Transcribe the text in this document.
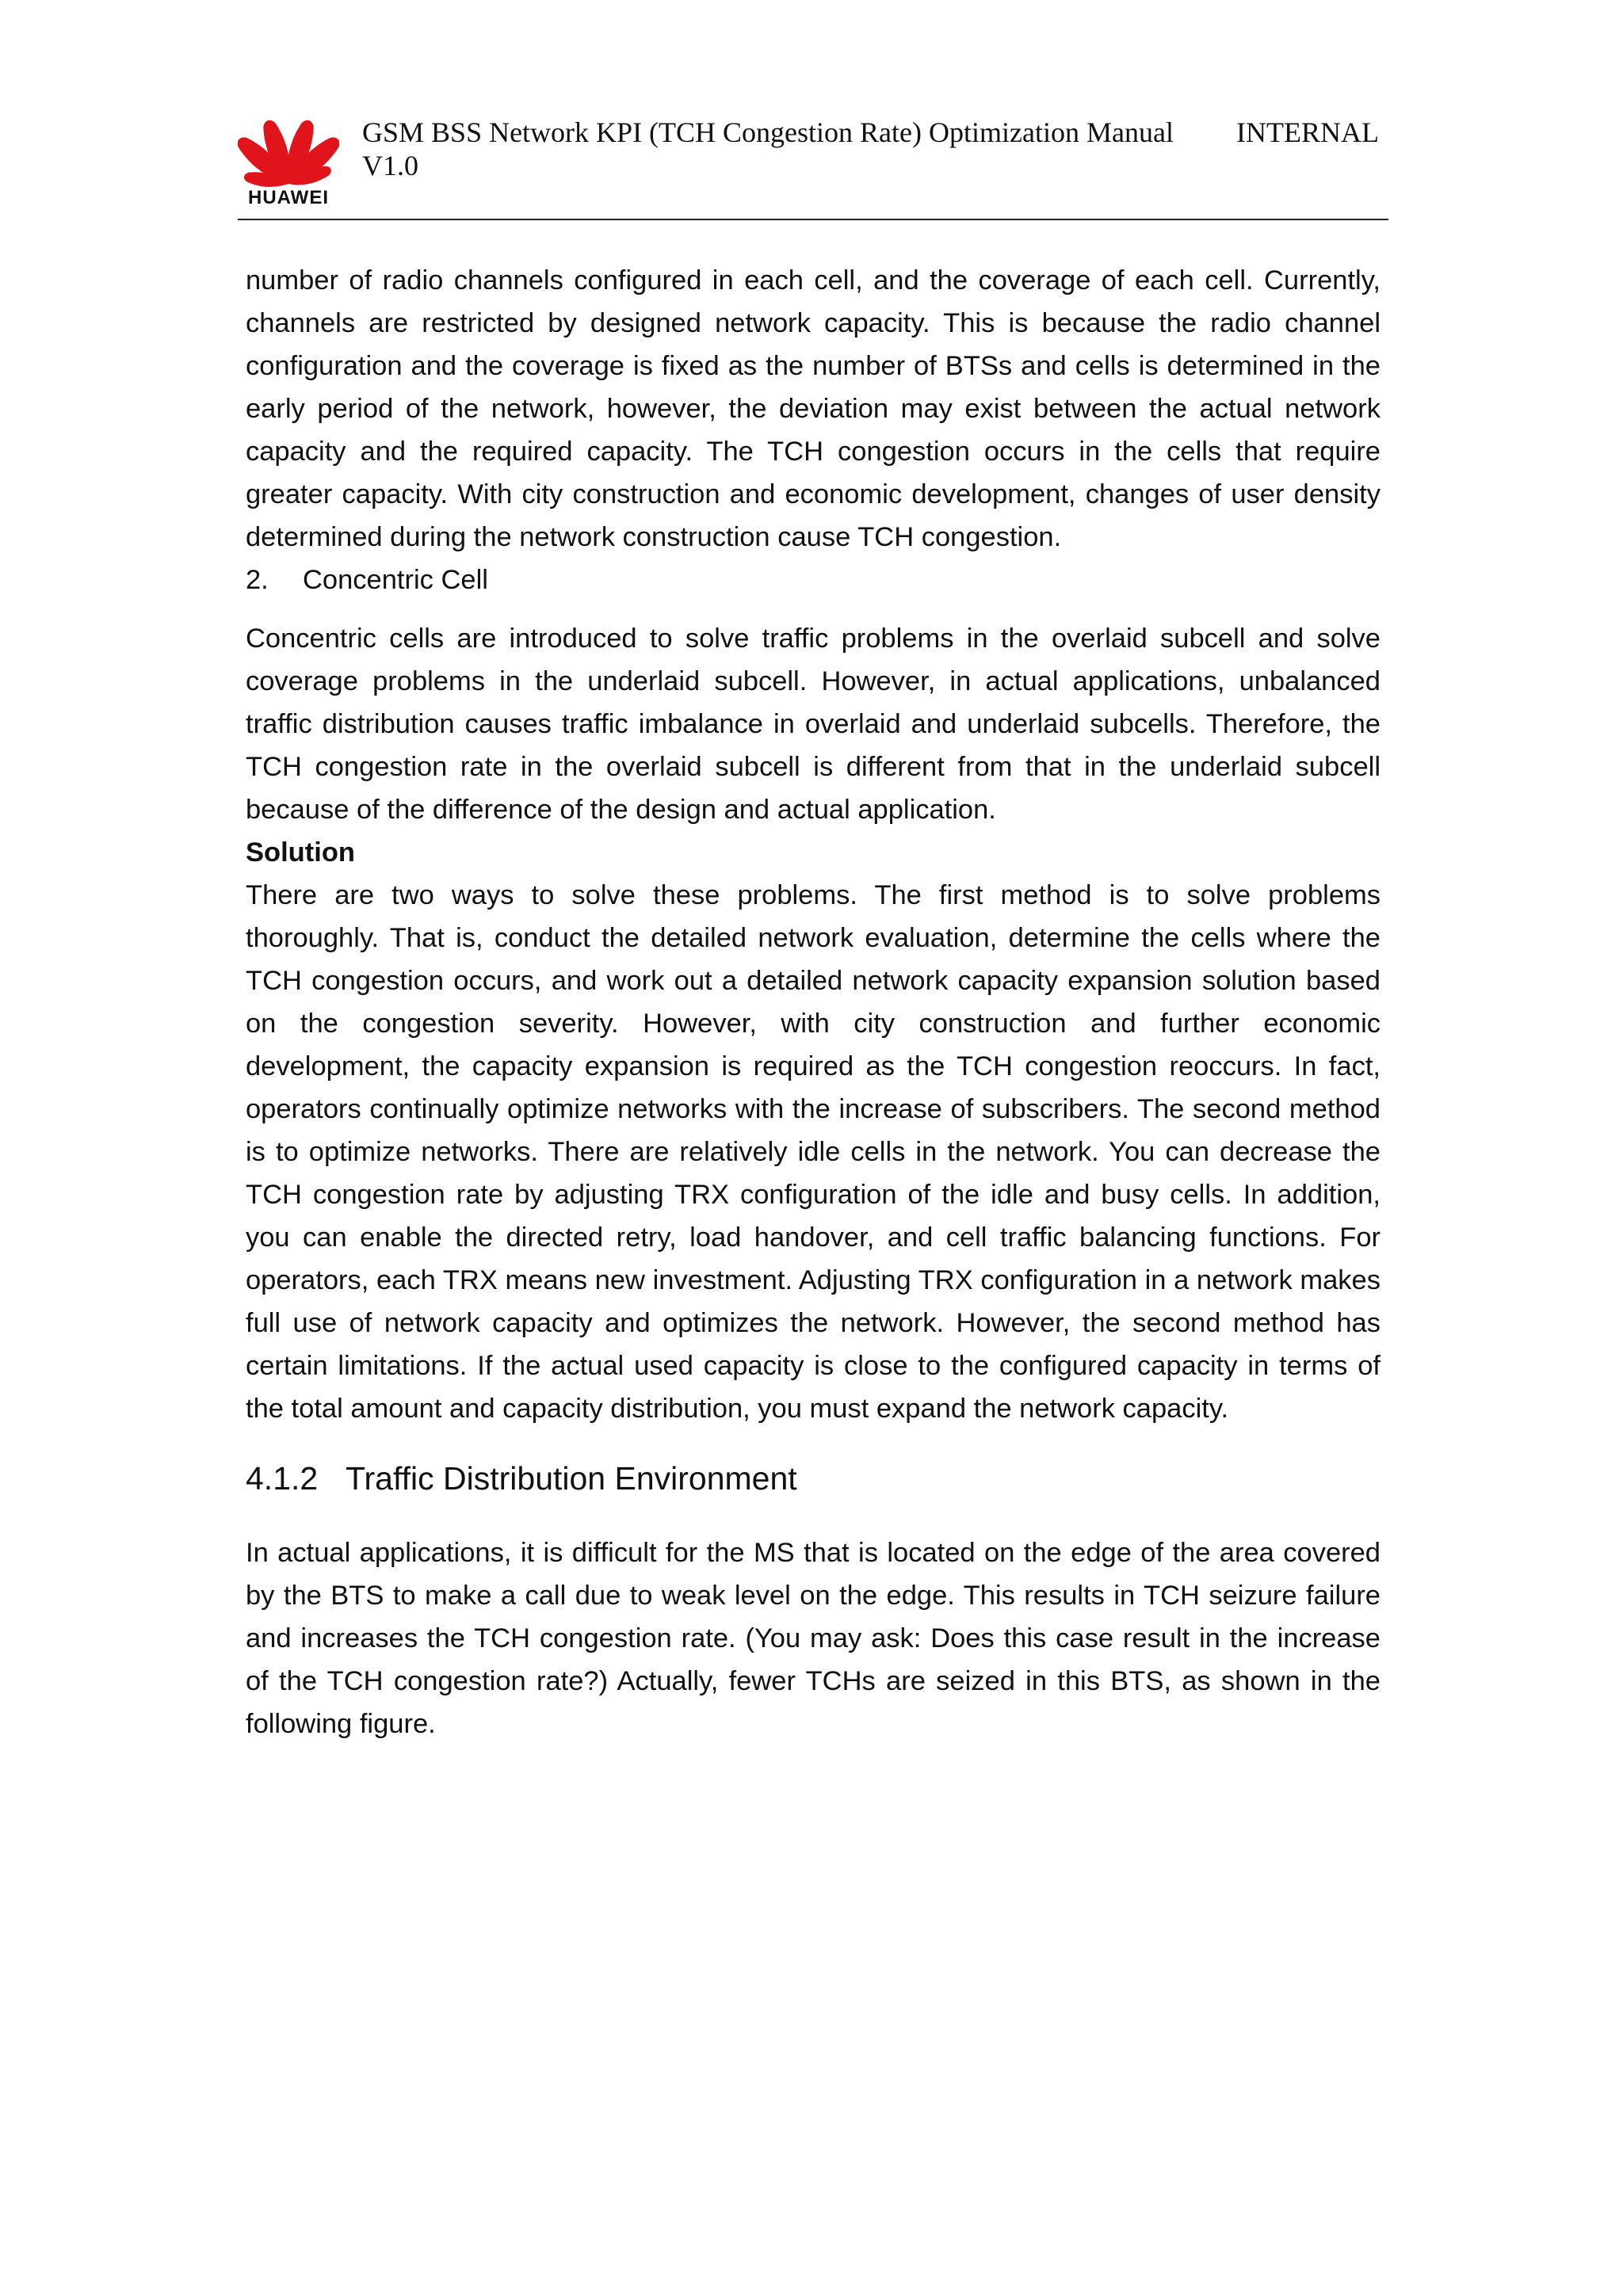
HUAWEI
GSM BSS Network KPI (TCH Congestion Rate) Optimization Manual V1.0
INTERNAL

number of radio channels configured in each cell, and the coverage of each cell. Currently, channels are restricted by designed network capacity. This is because the radio channel configuration and the coverage is fixed as the number of BTSs and cells is determined in the early period of the network, however, the deviation may exist between the actual network capacity and the required capacity. The TCH congestion occurs in the cells that require greater capacity. With city construction and economic development, changes of user density determined during the network construction cause TCH congestion.

2.	Concentric Cell

Concentric cells are introduced to solve traffic problems in the overlaid subcell and solve coverage problems in the underlaid subcell. However, in actual applications, unbalanced traffic distribution causes traffic imbalance in overlaid and underlaid subcells. Therefore, the TCH congestion rate in the overlaid subcell is different from that in the underlaid subcell because of the difference of the design and actual application.

Solution

There are two ways to solve these problems. The first method is to solve problems thoroughly. That is, conduct the detailed network evaluation, determine the cells where the TCH congestion occurs, and work out a detailed network capacity expansion solution based on the congestion severity. However, with city construction and further economic development, the capacity expansion is required as the TCH congestion reoccurs. In fact, operators continually optimize networks with the increase of subscribers. The second method is to optimize networks. There are relatively idle cells in the network. You can decrease the TCH congestion rate by adjusting TRX configuration of the idle and busy cells. In addition, you can enable the directed retry, load handover, and cell traffic balancing functions. For operators, each TRX means new investment. Adjusting TRX configuration in a network makes full use of network capacity and optimizes the network. However, the second method has certain limitations. If the actual used capacity is close to the configured capacity in terms of the total amount and capacity distribution, you must expand the network capacity.

4.1.2 Traffic Distribution Environment

In actual applications, it is difficult for the MS that is located on the edge of the area covered by the BTS to make a call due to weak level on the edge. This results in TCH seizure failure and increases the TCH congestion rate. (You may ask: Does this case result in the increase of the TCH congestion rate?) Actually, fewer TCHs are seized in this BTS, as shown in the following figure.
